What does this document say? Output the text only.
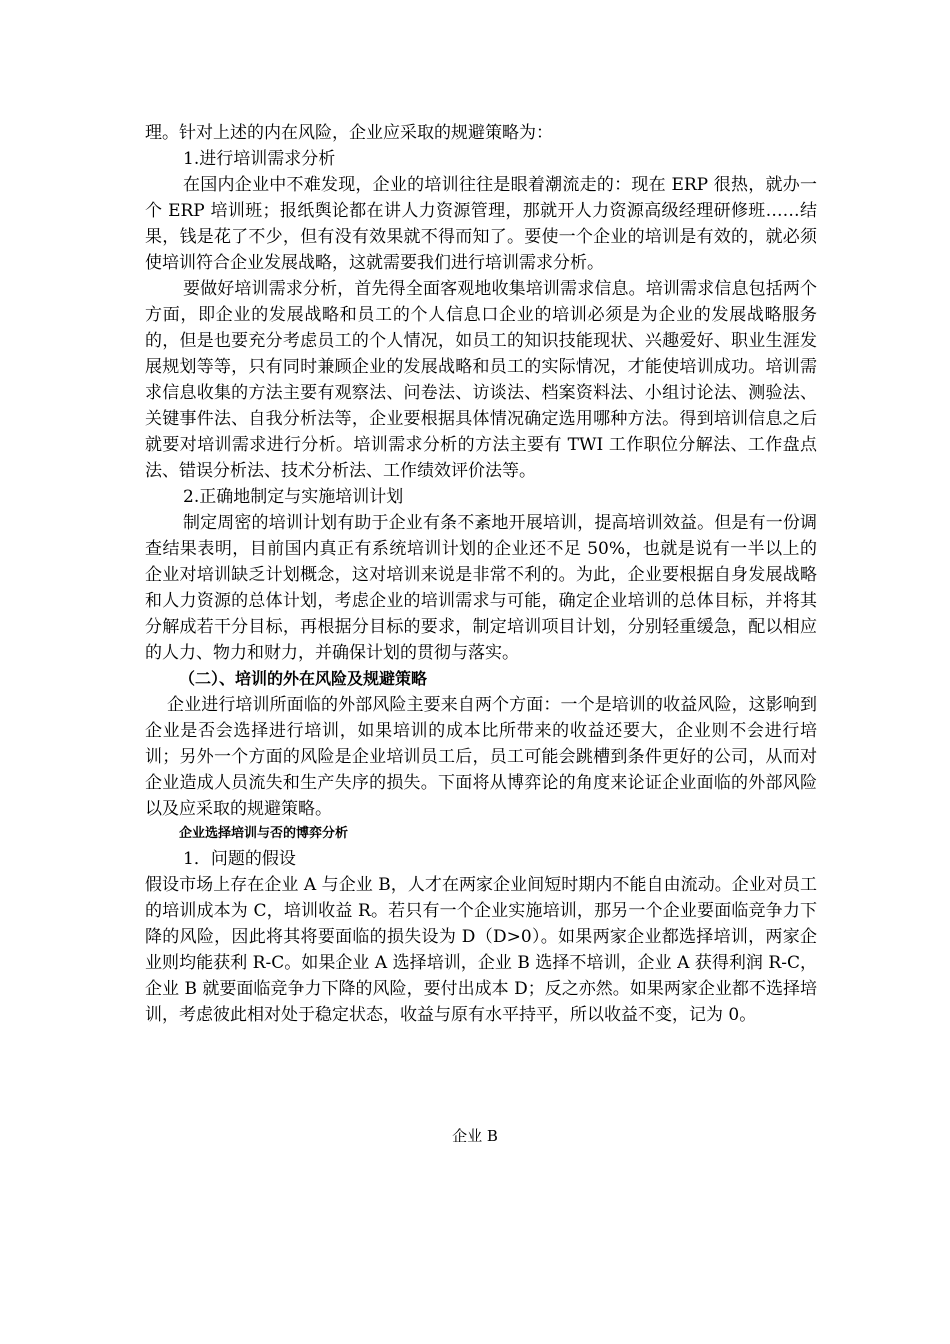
理。针对上述的内在风险，企业应采取的规避策略为：

1.进行培训需求分析

在国内企业中不难发现，企业的培训往往是眼着潮流走的：现在 ERP 很热，就办一个 ERP 培训班；报纸舆论都在讲人力资源管理，那就开人力资源高级经理研修班……结果，钱是花了不少，但有没有效果就不得而知了。要使一个企业的培训是有效的，就必须使培训符合企业发展战略，这就需要我们进行培训需求分析。

要做好培训需求分析，首先得全面客观地收集培训需求信息。培训需求信息包括两个方面，即企业的发展战略和员工的个人信息口企业的培训必须是为企业的发展战略服务的，但是也要充分考虑员工的个人情况，如员工的知识技能现状、兴趣爱好、职业生涯发展规划等等，只有同时兼顾企业的发展战略和员工的实际情况，才能使培训成功。培训需求信息收集的方法主要有观察法、问卷法、访谈法、档案资料法、小组讨论法、测验法、关键事件法、自我分析法等，企业要根据具体情况确定选用哪种方法。得到培训信息之后就要对培训需求进行分析。培训需求分析的方法主要有 TWI 工作职位分解法、工作盘点法、错误分析法、技术分析法、工作绩效评价法等。

2.正确地制定与实施培训计划

制定周密的培训计划有助于企业有条不紊地开展培训，提高培训效益。但是有一份调查结果表明，目前国内真正有系统培训计划的企业还不足 50%，也就是说有一半以上的企业对培训缺乏计划概念，这对培训来说是非常不利的。为此，企业要根据自身发展战略和人力资源的总体计划，考虑企业的培训需求与可能，确定企业培训的总体目标，并将其分解成若干分目标，再根据分目标的要求，制定培训项目计划，分别轻重缓急，配以相应的人力、物力和财力，并确保计划的贯彻与落实。

（二）、培训的外在风险及规避策略

企业进行培训所面临的外部风险主要来自两个方面：一个是培训的收益风险，这影响到企业是否会选择进行培训，如果培训的成本比所带来的收益还要大，企业则不会进行培训；另外一个方面的风险是企业培训员工后，员工可能会跳槽到条件更好的公司，从而对企业造成人员流失和生产失序的损失。下面将从博弈论的角度来论证企业面临的外部风险以及应采取的规避策略。

企业选择培训与否的博弈分析

1．问题的假设

假设市场上存在企业 A 与企业 B，人才在两家企业间短时期内不能自由流动。企业对员工的培训成本为 C，培训收益 R。若只有一个企业实施培训，那另一个企业要面临竞争力下降的风险，因此将其将要面临的损失设为 D（D>0）。如果两家企业都选择培训，两家企业则均能获利 R-C。如果企业 A 选择培训，企业 B 选择不培训，企业 A 获得利润 R-C，企业 B 就要面临竞争力下降的风险，要付出成本 D；反之亦然。如果两家企业都不选择培训，考虑彼此相对处于稳定状态，收益与原有水平持平，所以收益不变，记为 0。

企业 B
